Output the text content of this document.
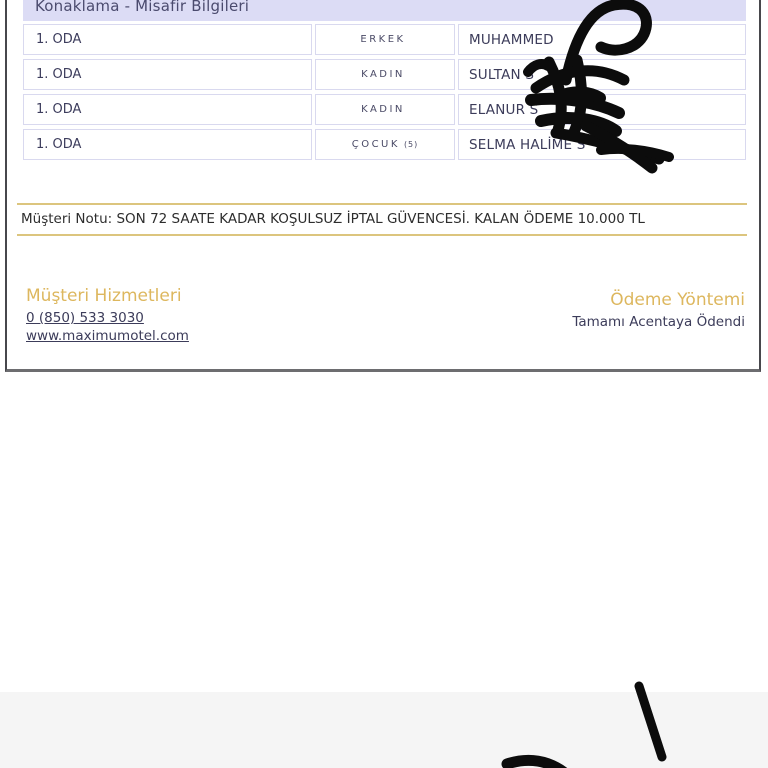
Konaklama - Misafir Bilgileri
1. ODA	ERKEK	MUHAMMED
1. ODA	KADIN	SULTAN S
1. ODA	KADIN	ELANUR S
1. ODA	ÇOCUK (5)	SELMA HALİME S
Müşteri Notu: SON 72 SAATE KADAR KOŞULSUZ İPTAL GÜVENCESİ. KALAN ÖDEME 10.000 TL
Müşteri Hizmetleri
0 (850) 533 3030
www.maximumotel.com
Ödeme Yöntemi
Tamamı Acentaya Ödendi
